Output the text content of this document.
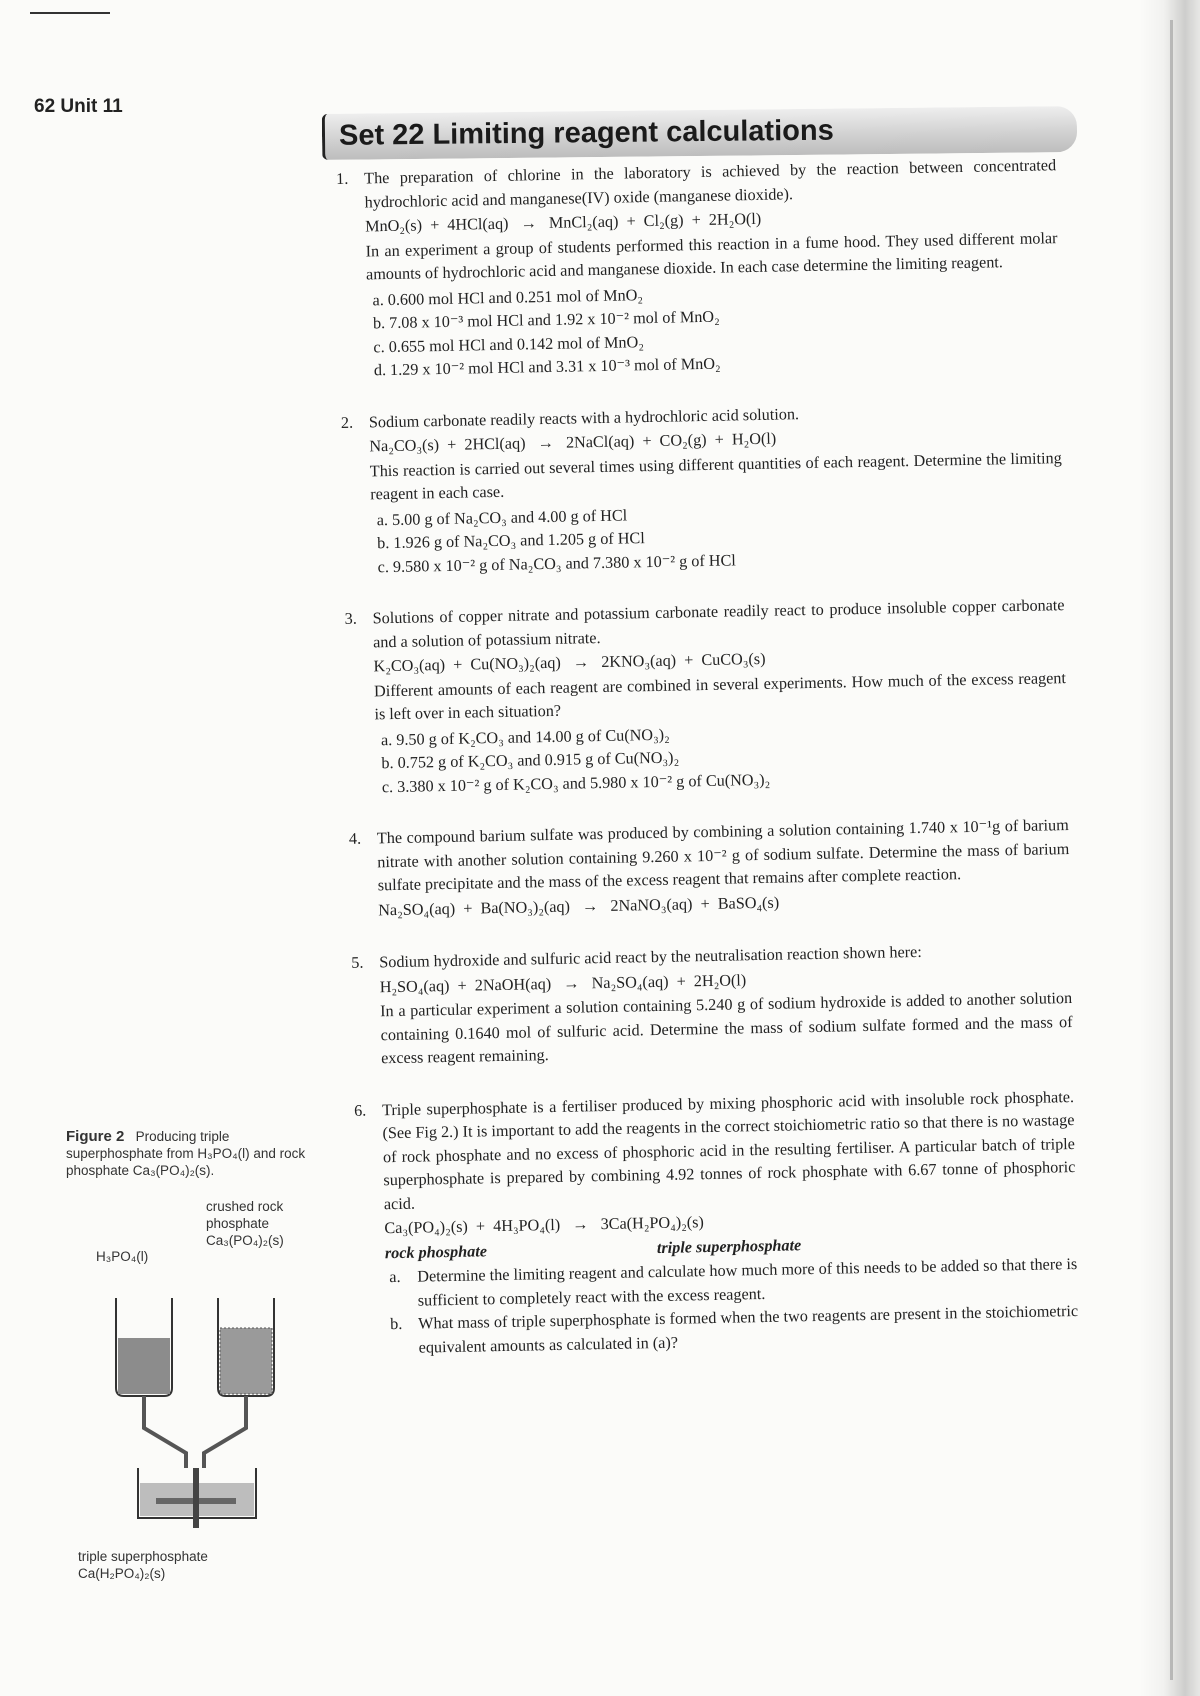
62 Unit 11
Set 22 Limiting reagent calculations
1. The preparation of chlorine in the laboratory is achieved by the reaction between concentrated hydrochloric acid and manganese(IV) oxide (manganese dioxide).

MnO₂(s)  +  4HCl(aq)   →   MnCl₂(aq)  +  Cl₂(g)  +  2H₂O(l)

In an experiment a group of students performed this reaction in a fume hood. They used different molar amounts of hydrochloric acid and manganese dioxide. In each case determine the limiting reagent.

a. 0.600 mol HCl and 0.251 mol of MnO₂
b. 7.08 x 10⁻³ mol HCl and 1.92 x 10⁻² mol of MnO₂
c. 0.655 mol HCl and 0.142 mol of MnO₂
d. 1.29 x 10⁻² mol HCl and 3.31 x 10⁻³ mol of MnO₂
2. Sodium carbonate readily reacts with a hydrochloric acid solution.

Na₂CO₃(s)  +  2HCl(aq)   →   2NaCl(aq)  +  CO₂(g)  +  H₂O(l)

This reaction is carried out several times using different quantities of each reagent. Determine the limiting reagent in each case.

a. 5.00 g of Na₂CO₃ and 4.00 g of HCl
b. 1.926 g of Na₂CO₃ and 1.205 g of HCl
c. 9.580 x 10⁻² g of Na₂CO₃ and 7.380 x 10⁻² g of HCl
3. Solutions of copper nitrate and potassium carbonate readily react to produce insoluble copper carbonate and a solution of potassium nitrate.

K₂CO₃(aq)  +  Cu(NO₃)₂(aq)   →   2KNO₃(aq)  +  CuCO₃(s)

Different amounts of each reagent are combined in several experiments. How much of the excess reagent is left over in each situation?

a. 9.50 g of K₂CO₃ and 14.00 g of Cu(NO₃)₂
b. 0.752 g of K₂CO₃ and 0.915 g of Cu(NO₃)₂
c. 3.380 x 10⁻² g of K₂CO₃ and 5.980 x 10⁻² g of Cu(NO₃)₂
4. The compound barium sulfate was produced by combining a solution containing 1.740 x 10⁻¹g of barium nitrate with another solution containing 9.260 x 10⁻² g of sodium sulfate. Determine the mass of barium sulfate precipitate and the mass of the excess reagent that remains after complete reaction.

Na₂SO₄(aq)  +  Ba(NO₃)₂(aq)   →   2NaNO₃(aq)  +  BaSO₄(s)

5. Sodium hydroxide and sulfuric acid react by the neutralisation reaction shown here:

H₂SO₄(aq)  +  2NaOH(aq)   →   Na₂SO₄(aq)  +  2H₂O(l)

In a particular experiment a solution containing 5.240 g of sodium hydroxide is added to another solution containing 0.1640 mol of sulfuric acid. Determine the mass of sodium sulfate formed and the mass of excess reagent remaining.

6. Triple superphosphate is a fertiliser produced by mixing phosphoric acid with insoluble rock phosphate. (See Fig 2.) It is important to add the reagents in the correct stoichiometric ratio so that there is no wastage of rock phosphate and no excess of phosphoric acid in the resulting fertiliser. A particular batch of triple superphosphate is prepared by combining 4.92 tonnes of rock phosphate with 6.67 tonne of phosphoric acid.

Ca₃(PO₄)₂(s)  +  4H₃PO₄(l)   →   3Ca(H₂PO₄)₂(s)

rock phosphate	triple superphosphate

a. Determine the limiting reagent and calculate how much more of this needs to be added so that there is sufficient to completely react with the excess reagent.
b. What mass of triple superphosphate is formed when the two reagents are present in the stoichiometric equivalent amounts as calculated in (a)?
Figure 2 Producing triple superphosphate from H₃PO₄(l) and rock phosphate Ca₃(PO₄)₂(s).
crushed rock phosphate Ca₃(PO₄)₂(s)
H₃PO₄(l)
triple superphosphate Ca(H₂PO₄)₂(s)
